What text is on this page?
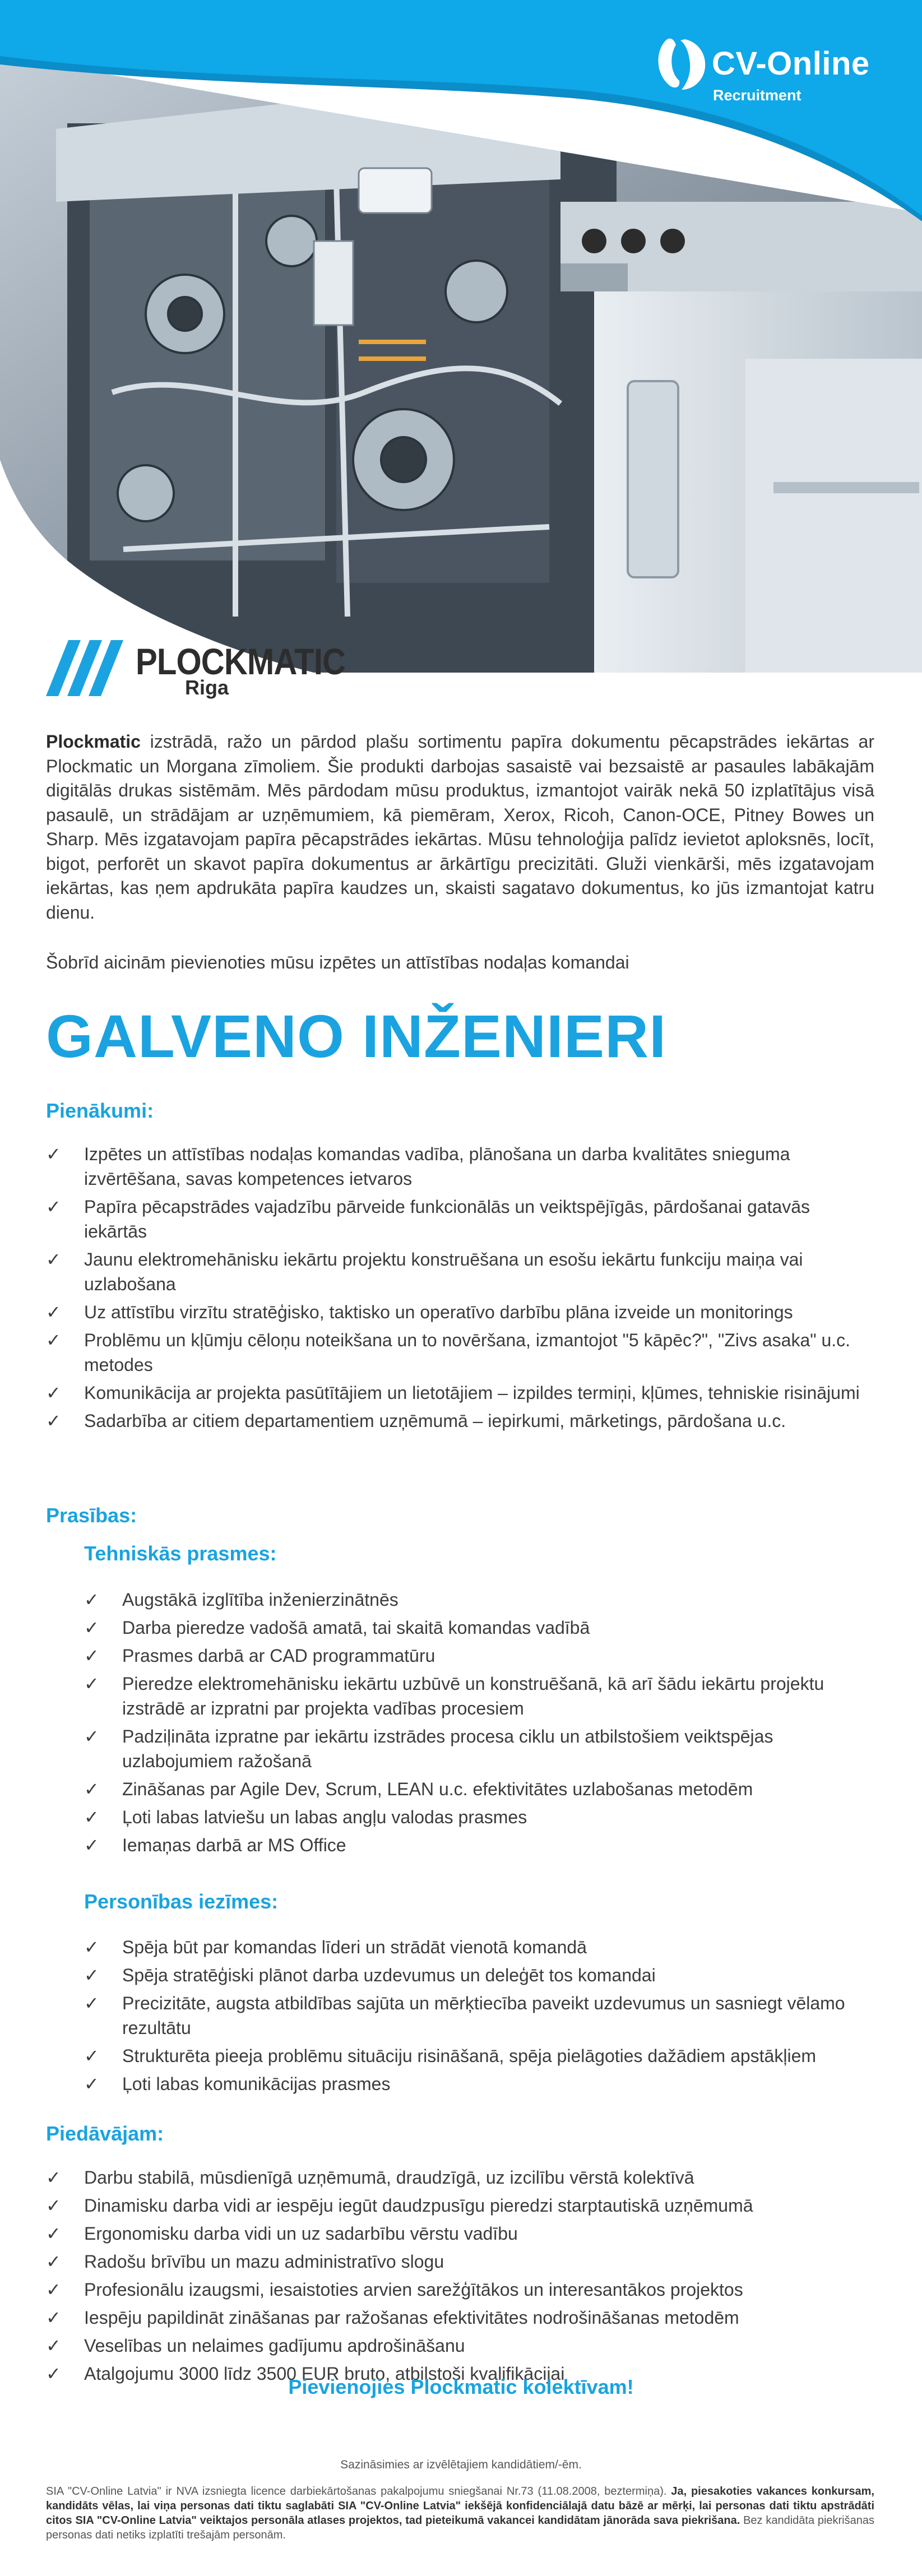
CV-Online
Recruitment
PLOCKMATIC
Riga
Plockmatic izstrādā, ražo un pārdod plašu sortimentu papīra dokumentu pēcapstrādes iekārtas ar Plockmatic un Morgana zīmoliem. Šie produkti darbojas sasaistē vai bezsaistē ar pasaules labākajām digitālās drukas sistēmām. Mēs pārdodam mūsu produktus, izmantojot vairāk nekā 50 izplatītājus visā pasaulē, un strādājam ar uzņēmumiem, kā piemēram, Xerox, Ricoh, Canon-OCE, Pitney Bowes un Sharp. Mēs izgatavojam papīra pēcapstrādes iekārtas. Mūsu tehnoloģija palīdz ievietot aploksnēs, locīt, bigot, perforēt un skavot papīra dokumentus ar ārkārtīgu precizitāti. Gluži vienkārši, mēs izgatavojam iekārtas, kas ņem apdrukāta papīra kaudzes un, skaisti sagatavo dokumentus, ko jūs izmantojat katru dienu.
Šobrīd aicinām pievienoties mūsu izpētes un attīstības nodaļas komandai
GALVENO INŽENIERI
Pienākumi:
✓ Izpētes un attīstības nodaļas komandas vadība, plānošana un darba kvalitātes snieguma izvērtēšana, savas kompetences ietvaros
✓ Papīra pēcapstrādes vajadzību pārveide funkcionālās un veiktspējīgās, pārdošanai gatavās iekārtās
✓ Jaunu elektromehānisku iekārtu projektu konstruēšana un esošu iekārtu funkciju maiņa vai uzlabošana
✓ Uz attīstību virzītu stratēģisko, taktisko un operatīvo darbību plāna izveide un monitorings
✓ Problēmu un kļūmju cēloņu noteikšana un to novēršana, izmantojot "5 kāpēc?", "Zivs asaka" u.c. metodes
✓ Komunikācija ar projekta pasūtītājiem un lietotājiem – izpildes termiņi, kļūmes, tehniskie risinājumi
✓ Sadarbība ar citiem departamentiem uzņēmumā – iepirkumi, mārketings, pārdošana u.c.
Prasības:
Tehniskās prasmes:
✓ Augstākā izglītība inženierzinātnēs
✓ Darba pieredze vadošā amatā, tai skaitā komandas vadībā
✓ Prasmes darbā ar CAD programmatūru
✓ Pieredze elektromehānisku iekārtu uzbūvē un konstruēšanā, kā arī šādu iekārtu projektu izstrādē ar izpratni par projekta vadības procesiem
✓ Padziļināta izpratne par iekārtu izstrādes procesa ciklu un atbilstošiem veiktspējas uzlabojumiem ražošanā
✓ Zināšanas par Agile Dev, Scrum, LEAN u.c. efektivitātes uzlabošanas metodēm
✓ Ļoti labas latviešu un labas angļu valodas prasmes
✓ Iemaņas darbā ar MS Office
Personības iezīmes:
✓ Spēja būt par komandas līderi un strādāt vienotā komandā
✓ Spēja stratēģiski plānot darba uzdevumus un deleģēt tos komandai
✓ Precizitāte, augsta atbildības sajūta un mērķtiecība paveikt uzdevumus un sasniegt vēlamo rezultātu
✓ Strukturēta pieeja problēmu situāciju risināšanā, spēja pielāgoties dažādiem apstākļiem
✓ Ļoti labas komunikācijas prasmes
Piedāvājam:
✓ Darbu stabilā, mūsdienīgā uzņēmumā, draudzīgā, uz izcilību vērstā kolektīvā
✓ Dinamisku darba vidi ar iespēju iegūt daudzpusīgu pieredzi starptautiskā uzņēmumā
✓ Ergonomisku darba vidi un uz sadarbību vērstu vadību
✓ Radošu brīvību un mazu administratīvo slogu
✓ Profesionālu izaugsmi, iesaistoties arvien sarežģītākos un interesantākos projektos
✓ Iespēju papildināt zināšanas par ražošanas efektivitātes nodrošināšanas metodēm
✓ Veselības un nelaimes gadījumu apdrošināšanu
✓ Atalgojumu 3000 līdz 3500 EUR bruto, atbilstoši kvalifikācijai
Pievienojies Plockmatic kolektīvam!
Sazināsimies ar izvēlētajiem kandidātiem/-ēm.
SIA "CV-Online Latvia" ir NVA izsniegta licence darbiekārtošanas pakalpojumu sniegšanai Nr.73 (11.08.2008, beztermiņa). Ja, piesakoties vakances konkursam, kandidāts vēlas, lai viņa personas dati tiktu saglabāti SIA "CV-Online Latvia" iekšējā konfidenciālajā datu bāzē ar mērķi, lai personas dati tiktu apstrādāti citos SIA "CV-Online Latvia" veiktajos personāla atlases projektos, tad pieteikumā vakancei kandidātam jānorāda sava piekrišana. Bez kandidāta piekrišanas personas dati netiks izplatīti trešajām personām.
